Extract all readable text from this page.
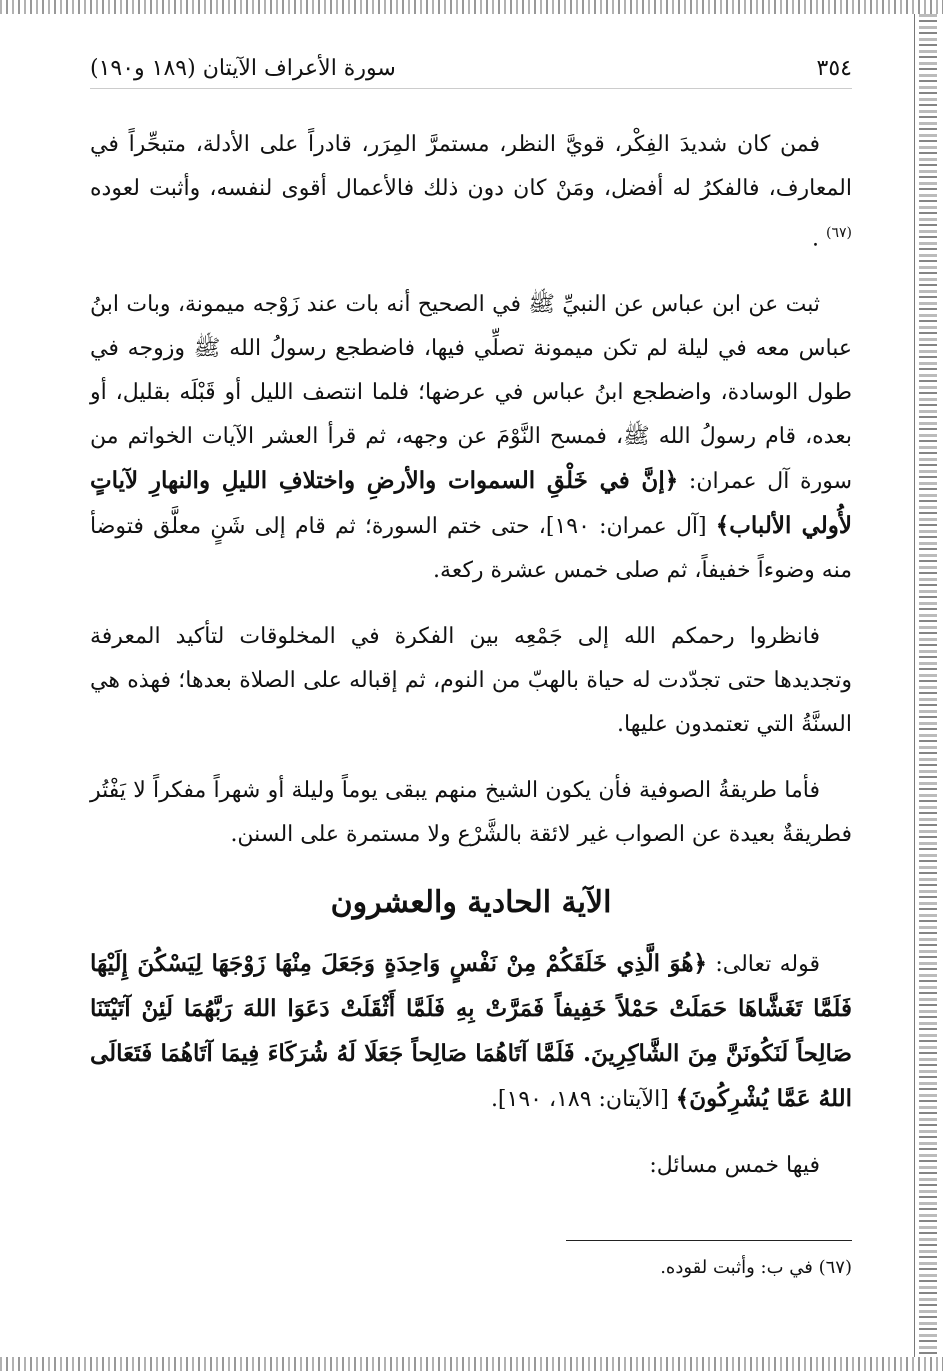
٣٥٤
سورة الأعراف الآيتان (١٨٩ و١٩٠)

فمن كان شديدَ الفِكْر، قويَّ النظر، مستمرَّ المِرَر، قادراً على الأدلة، متبحِّراً في المعارف، فالفكرُ له أفضل، ومَنْ كان دون ذلك فالأعمال أقوى لنفسه، وأثبت لعوده $^{(٦٧)}$ .

ثبت عن ابن عباس عن النبيِّ ﷺ في الصحيح أنه بات عند زَوْجه ميمونة، وبات ابنُ عباس معه في ليلة لم تكن ميمونة تصلِّي فيها، فاضطجع رسولُ الله ﷺ وزوجه في طول الوسادة، واضطجع ابنُ عباس في عرضها؛ فلما انتصف الليل أو قَبْلَه بقليل، أو بعده، قام رسولُ الله ﷺ، فمسح النَّوْمَ عن وجهه، ثم قرأ العشر الآيات الخواتم من سورة آل عمران: ﴿إنَّ في خَلْقِ السموات والأرضِ واختلافِ الليلِ والنهارِ لآياتٍ لأُولي الألباب﴾ [آل عمران: ١٩٠]، حتى ختم السورة؛ ثم قام إلى شَنٍ معلَّق فتوضأ منه وضوءاً خفيفاً، ثم صلى خمس عشرة ركعة.

فانظروا رحمكم الله إلى جَمْعِه بين الفكرة في المخلوقات لتأكيد المعرفة وتجديدها حتى تجدّدت له حياة بالهبّ من النوم، ثم إقباله على الصلاة بعدها؛ فهذه هي السنَّةُ التي تعتمدون عليها.

فأما طريقةُ الصوفية فأن يكون الشيخ منهم يبقى يوماً وليلة أو شهراً مفكراً لا يَفْتُر فطريقةٌ بعيدة عن الصواب غير لائقة بالشَّرْع ولا مستمرة على السنن.

الآية الحادية والعشرون

قوله تعالى: ﴿هُوَ الَّذِي خَلَقَكُمْ مِنْ نَفْسٍ وَاحِدَةٍ وَجَعَلَ مِنْهَا زَوْجَهَا لِيَسْكُنَ إِلَيْهَا فَلَمَّا تَغَشَّاهَا حَمَلَتْ حَمْلاً خَفِيفاً فَمَرَّتْ بِهِ فَلَمَّا أَثْقَلَتْ دَعَوَا اللهَ رَبَّهُمَا لَئِنْ آتَيْتَنَا صَالِحاً لَنَكُونَنَّ مِنَ الشَّاكِرِينَ. فَلَمَّا آتَاهُمَا صَالِحاً جَعَلَا لَهُ شُرَكَاءَ فِيمَا آتَاهُمَا فَتَعَالَى اللهُ عَمَّا يُشْرِكُونَ﴾ [الآيتان: ١٨٩، ١٩٠].

فيها خمس مسائل:

(٦٧) في ب: وأثبت لقوده.
